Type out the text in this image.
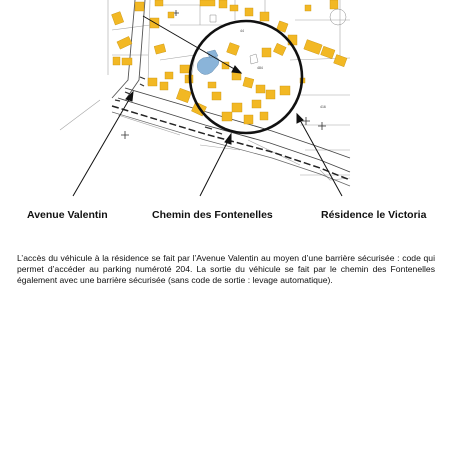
484
416
44
Avenue Valentin	Chemin des Fontenelles	Résidence le Victoria

L’accès du véhicule à la résidence se fait par l’Avenue Valentin au moyen d’une barrière sécurisée : code qui permet d’accéder au parking numéroté 204. La sortie du véhicule se fait par le chemin des Fontenelles également avec une barrière sécurisée (sans code de sortie : levage automatique).
